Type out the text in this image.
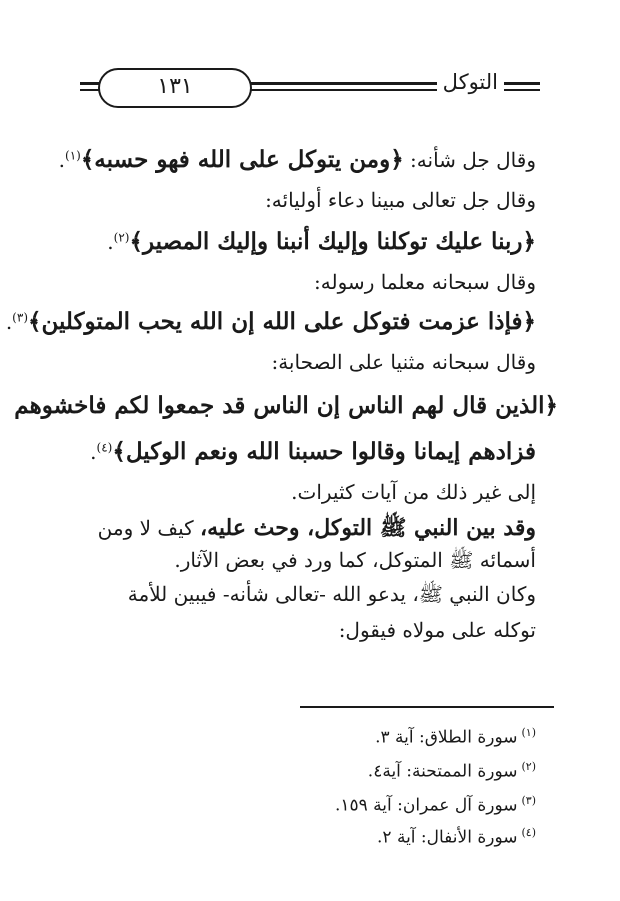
١٣١	التوكل
وقال جل شأنه: ﴿ومن يتوكل على الله فهو حسبه﴾$^{(١)}$.
وقال جل تعالى مبينا دعاء أوليائه:
﴿ربنا عليك توكلنا وإليك أنبنا وإليك المصير﴾$^{(٢)}$.
وقال سبحانه معلما رسوله:
﴿فإذا عزمت فتوكل على الله إن الله يحب المتوكلين﴾$^{(٣)}$.
وقال سبحانه مثنيا على الصحابة:
﴿الذين قال لهم الناس إن الناس قد جمعوا لكم فاخشوهم
فزادهم إيمانا وقالوا حسبنا الله ونعم الوكيل﴾$^{(٤)}$.
إلى غير ذلك من آيات كثيرات.
وقد بين النبي ﷺ التوكل، وحث عليه، كيف لا ومن
أسمائه ﷺ المتوكل، كما ورد في بعض الآثار.
وكان النبي ﷺ، يدعو الله -تعالى شأنه- فيبين للأمة
توكله على مولاه فيقول:
$^{(١)}$سورة الطلاق: آية ٣.
$^{(٢)}$سورة الممتحنة: آية٤.
$^{(٣)}$سورة آل عمران: آية ١٥٩.
$^{(٤)}$سورة الأنفال: آية ٢.
